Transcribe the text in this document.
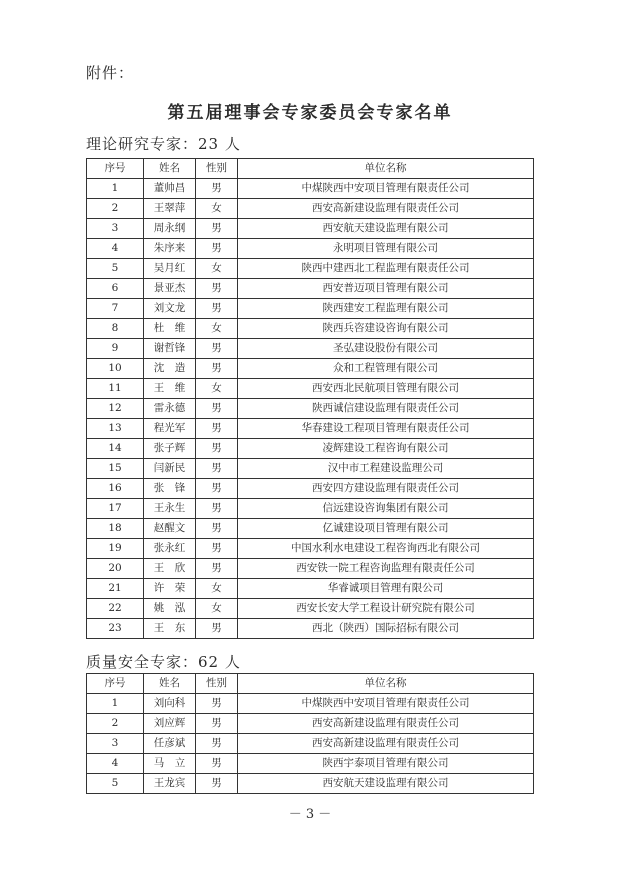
附件：
第五届理事会专家委员会专家名单
理论研究专家：23 人
序号	姓名	性别	单位名称
1	董帅昌	男	中煤陕西中安项目管理有限责任公司
2	王翠萍	女	西安高新建设监理有限责任公司
3	周永纲	男	西安航天建设监理有限公司
4	朱序来	男	永明项目管理有限公司
5	吴月红	女	陕西中建西北工程监理有限责任公司
6	景亚杰	男	西安普迈项目管理有限公司
7	刘文龙	男	陕西建安工程监理有限公司
8	杜　维	女	陕西兵咨建设咨询有限公司
9	谢哲锋	男	圣弘建设股份有限公司
10	沈　造	男	众和工程管理有限公司
11	王　维	女	西安西北民航项目管理有限公司
12	雷永德	男	陕西诚信建设监理有限责任公司
13	程光军	男	华春建设工程项目管理有限责任公司
14	张子辉	男	凌辉建设工程咨询有限公司
15	闫新民	男	汉中市工程建设监理公司
16	张　锋	男	西安四方建设监理有限责任公司
17	王永生	男	信远建设咨询集团有限公司
18	赵醒文	男	亿诚建设项目管理有限公司
19	张永红	男	中国水利水电建设工程咨询西北有限公司
20	王　欣	男	西安铁一院工程咨询监理有限责任公司
21	许　荣	女	华睿诚项目管理有限公司
22	姚　泓	女	西安长安大学工程设计研究院有限公司
23	王　东	男	西北（陕西）国际招标有限公司
质量安全专家：62 人
序号	姓名	性别	单位名称
1	刘向科	男	中煤陕西中安项目管理有限责任公司
2	刘应辉	男	西安高新建设监理有限责任公司
3	任彦斌	男	西安高新建设监理有限责任公司
4	马　立	男	陕西宇泰项目管理有限公司
5	王龙宾	男	西安航天建设监理有限公司
－ 3 －
